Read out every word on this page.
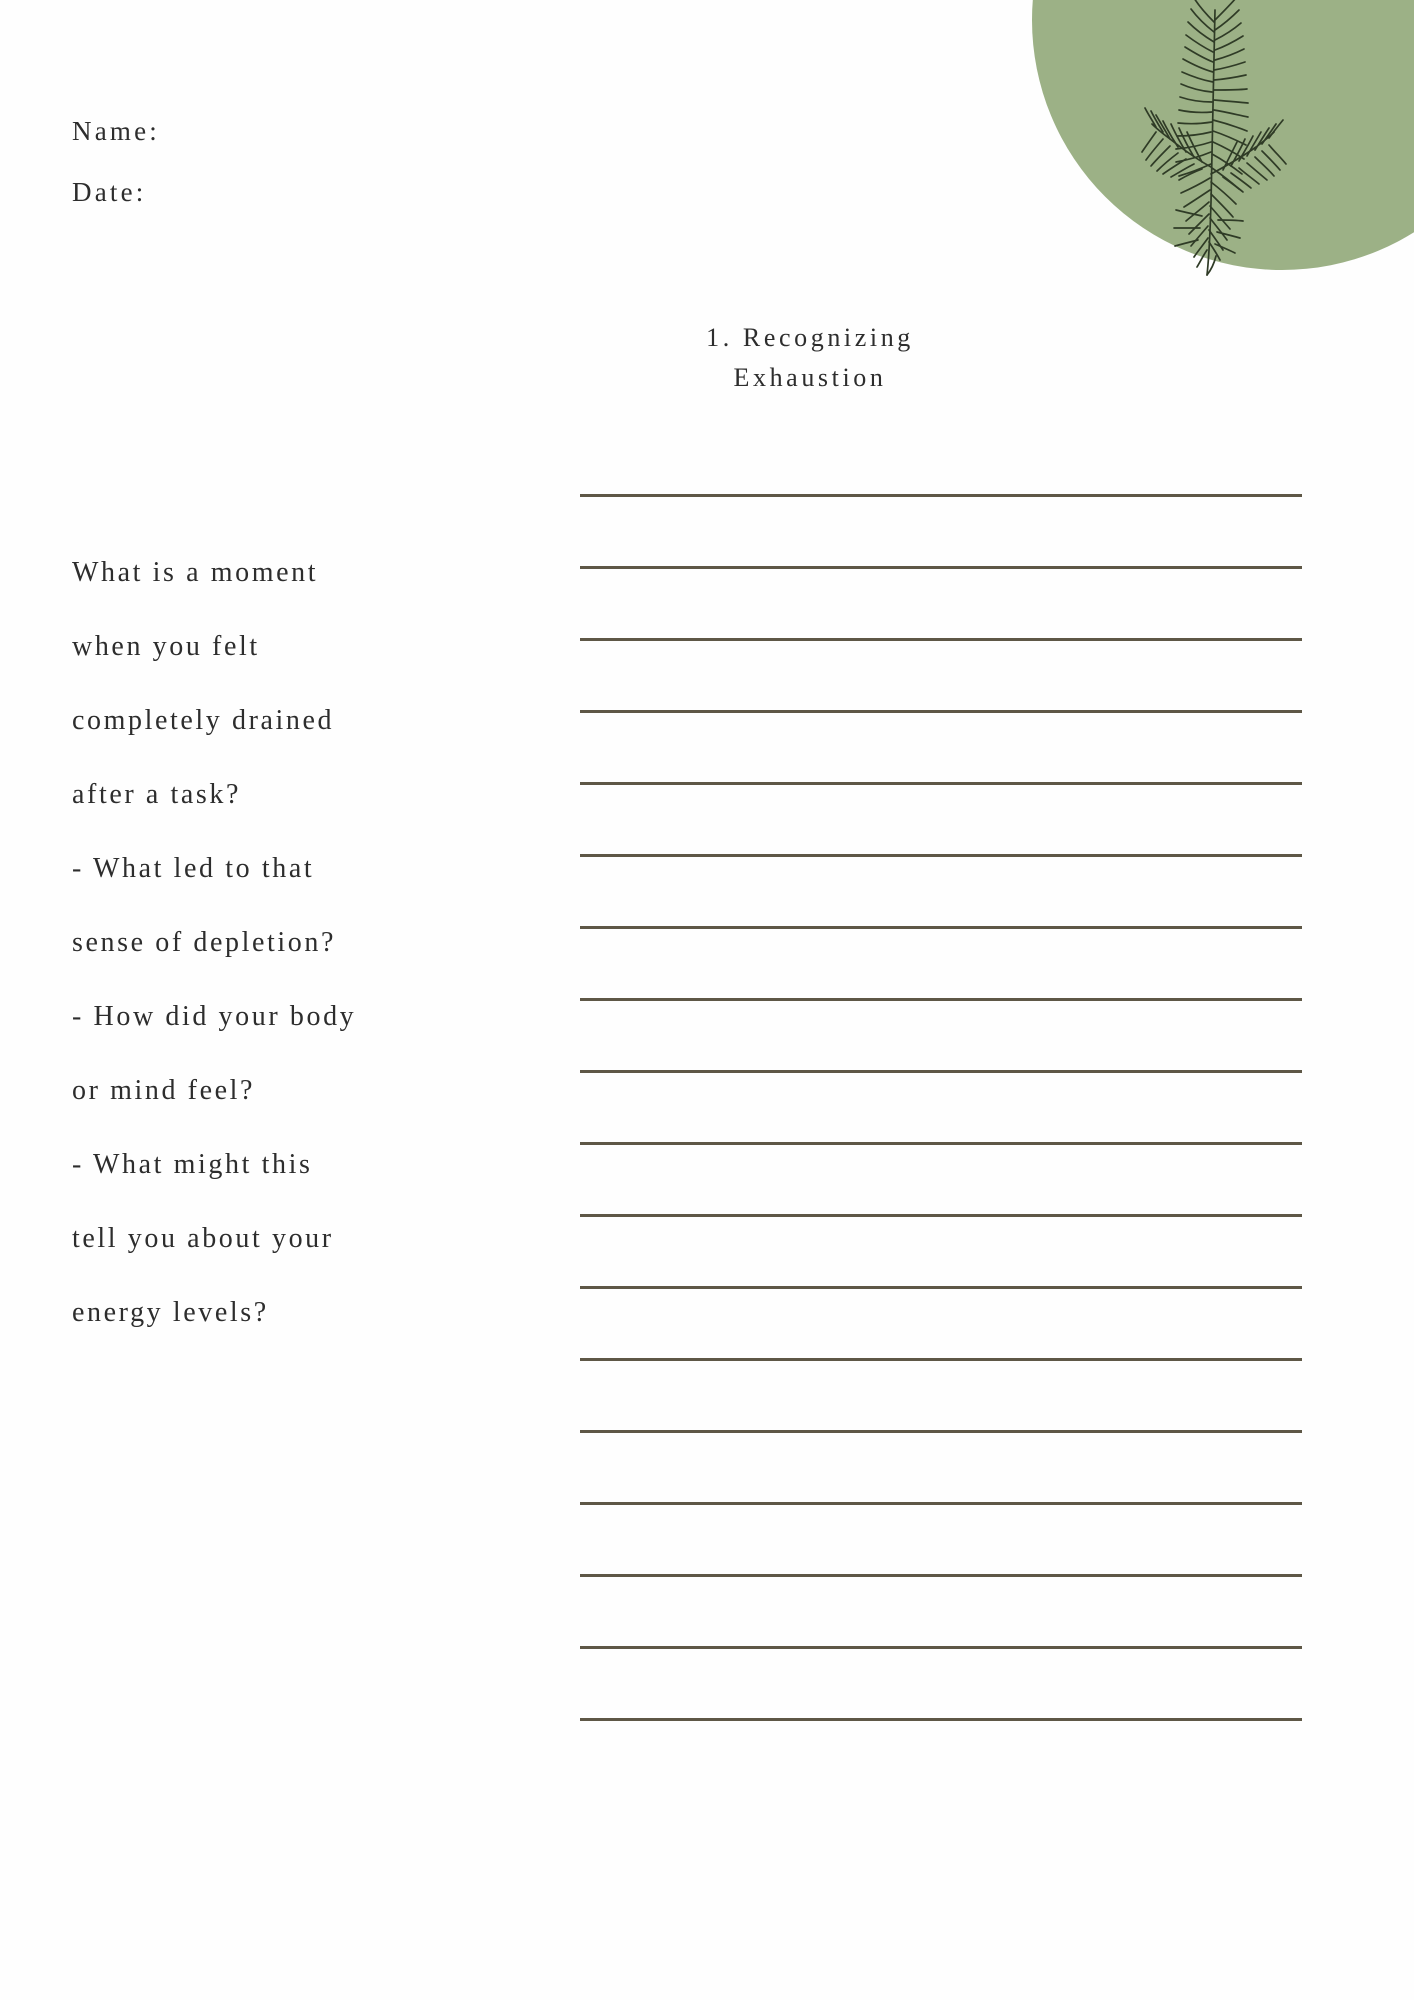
Name:
Date:
1. Recognizing
Exhaustion
What is a moment
when you felt
completely drained
after a task?
- What led to that
sense of depletion?
- How did your body
or mind feel?
- What might this
tell you about your
energy levels?
